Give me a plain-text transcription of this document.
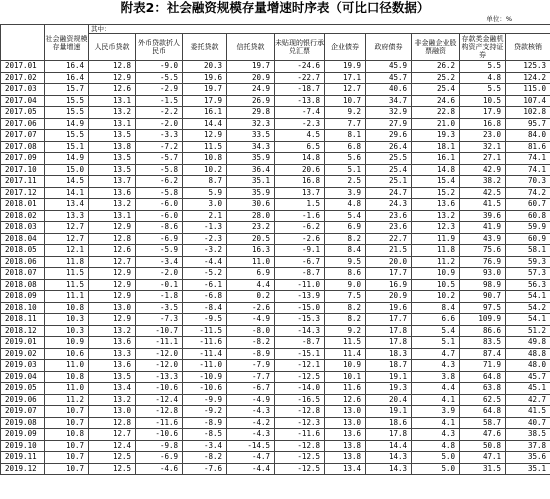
附表2：社会融资规模存量增速时序表（可比口径数据）
单位：%
	社会融资规模存量增速	其中：									
		人民币贷款	外币贷款折人民币	委托贷款	信托贷款	未贴现的银行承兑汇票	企业债券	政府债券	非金融企业股票融资	存款类金融机构资产支持证券	贷款核销
2017.01	16.4	12.8	-9.0	20.3	19.7	-24.6	19.9	45.9	26.2	5.5	125.3
2017.02	16.4	12.9	-5.5	19.6	20.9	-22.7	17.1	45.7	25.2	4.8	124.2
2017.03	15.7	12.6	-2.9	19.7	24.9	-18.7	12.7	40.6	25.4	5.5	115.0
2017.04	15.5	13.1	-1.5	17.9	26.9	-13.8	10.7	34.7	24.6	10.5	107.4
2017.05	15.5	13.2	-2.2	16.1	29.8	-7.4	9.2	32.9	22.8	17.9	102.8
2017.06	14.9	13.1	-2.0	14.4	32.3	-2.3	7.7	27.9	21.0	16.8	95.7
2017.07	15.5	13.5	-3.3	12.9	33.5	4.5	8.1	29.6	19.3	23.0	84.0
2017.08	15.1	13.8	-7.2	11.5	34.3	6.5	6.8	26.4	18.1	32.1	81.6
2017.09	14.9	13.5	-5.7	10.8	35.9	14.8	5.6	25.5	16.1	27.1	74.1
2017.10	15.0	13.5	-5.8	10.2	36.4	20.6	5.1	25.4	14.8	42.9	74.1
2017.11	14.5	13.7	-6.2	8.7	35.1	16.8	2.5	25.1	15.4	38.2	70.3
2017.12	14.1	13.6	-5.8	5.9	35.9	13.7	3.9	24.7	15.2	42.5	74.2
2018.01	13.4	13.2	-6.0	3.0	30.6	1.5	4.8	24.3	13.6	41.5	60.7
2018.02	13.3	13.1	-6.0	2.1	28.0	-1.6	5.4	23.6	13.2	39.6	60.8
2018.03	12.7	12.9	-8.6	-1.3	23.2	-6.2	6.9	23.6	12.3	41.9	59.9
2018.04	12.7	12.8	-6.9	-2.3	20.5	-2.6	8.2	22.7	11.9	43.9	60.9
2018.05	12.1	12.6	-5.9	-3.2	16.3	-9.1	8.4	21.5	11.8	75.6	58.1
2018.06	11.8	12.7	-3.4	-4.4	11.0	-6.7	9.5	20.0	11.2	76.9	59.3
2018.07	11.5	12.9	-2.0	-5.2	6.9	-8.7	8.6	17.7	10.9	93.0	57.3
2018.08	11.5	12.9	-0.1	-6.1	4.4	-11.0	9.0	16.9	10.5	98.9	56.3
2018.09	11.1	12.9	-1.8	-6.8	0.2	-13.9	7.5	20.9	10.2	90.7	54.1
2018.10	10.8	13.0	-3.5	-8.4	-2.6	-15.0	8.2	19.6	8.4	97.5	54.2
2018.11	10.3	12.9	-7.3	-9.5	-4.9	-15.3	8.2	17.7	6.6	109.9	54.1
2018.12	10.3	13.2	-10.7	-11.5	-8.0	-14.3	9.2	17.8	5.4	86.6	51.2
2019.01	10.9	13.6	-11.1	-11.6	-8.2	-8.7	11.5	17.8	5.1	83.5	49.8
2019.02	10.6	13.3	-12.0	-11.4	-8.9	-15.1	11.4	18.3	4.7	87.4	48.8
2019.03	11.0	13.6	-12.0	-11.0	-7.9	-12.1	10.9	18.7	4.3	71.9	48.0
2019.04	10.8	13.5	-13.3	-10.9	-7.7	-12.5	10.1	19.1	3.8	64.8	45.7
2019.05	11.0	13.4	-10.6	-10.6	-6.7	-14.0	11.6	19.3	4.4	63.8	45.1
2019.06	11.2	13.2	-12.4	-9.9	-4.9	-16.5	12.6	20.4	4.1	62.5	42.7
2019.07	10.7	13.0	-12.8	-9.2	-4.3	-12.8	13.0	19.1	3.9	64.8	41.5
2019.08	10.7	12.8	-11.6	-8.9	-4.2	-12.3	13.0	18.6	4.1	58.7	40.7
2019.09	10.8	12.7	-10.6	-8.5	-4.3	-11.6	13.6	17.8	4.3	47.6	38.5
2019.10	10.7	12.4	-9.8	-3.4	-14.5	-12.8	13.8	14.4	4.8	50.8	37.8
2019.11	10.7	12.5	-6.9	-8.2	-4.7	-12.5	13.8	14.3	5.0	47.1	35.6
2019.12	10.7	12.5	-4.6	-7.6	-4.4	-12.5	13.4	14.3	5.0	31.5	35.1
